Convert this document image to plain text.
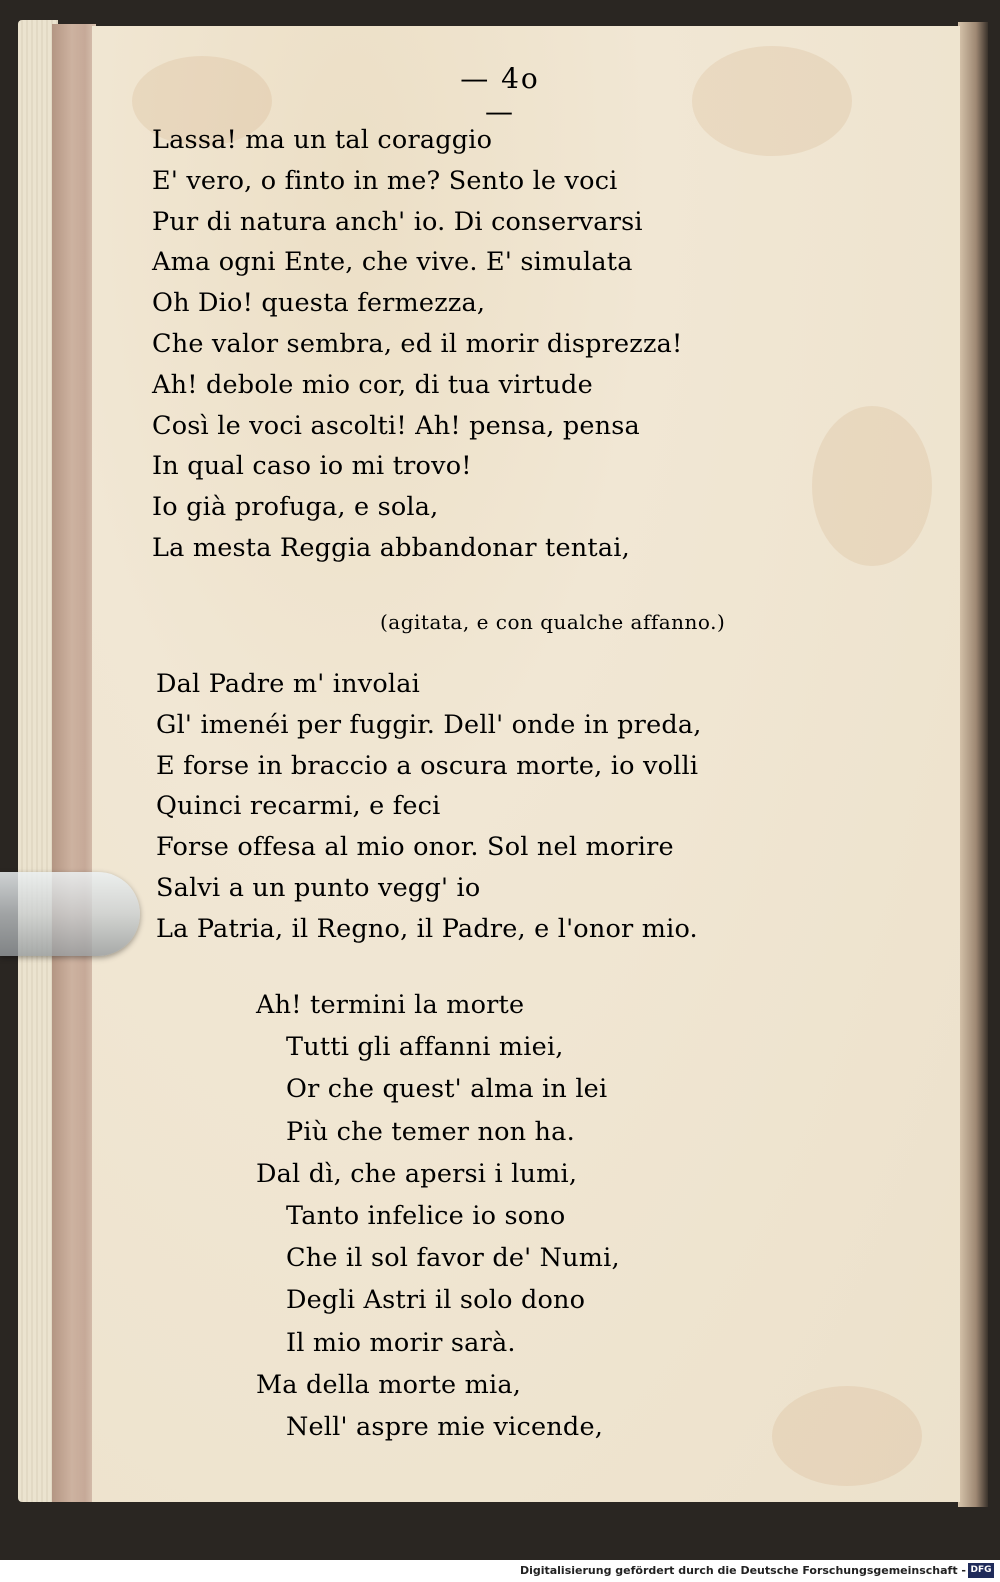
— 4o —
Lassa! ma un tal coraggio
E' vero, o finto in me? Sento le voci
Pur di natura anch' io. Di conservarsi
Ama ogni Ente, che vive. E' simulata
Oh Dio! questa fermezza,
Che valor sembra, ed il morir disprezza!
Ah! debole mio cor, di tua virtude
Così le voci ascolti! Ah! pensa, pensa
In qual caso io mi trovo!
Io già profuga, e sola,
La mesta Reggia abbandonar tentai,
(agitata, e con qualche affanno.)
Dal Padre m' involai
Gl' imenéi per fuggir. Dell' onde in preda,
E forse in braccio a oscura morte, io volli
Quinci recarmi, e feci
Forse offesa al mio onor. Sol nel morire
Salvi a un punto vegg' io
La Patria, il Regno, il Padre, e l'onor mio.
Ah! termini la morte
Tutti gli affanni miei,
Or che quest' alma in lei
Più che temer non ha.
Dal dì, che apersi i lumi,
Tanto infelice io sono
Che il sol favor de' Numi,
Degli Astri il solo dono
Il mio morir sarà.
Ma della morte mia,
Nell' aspre mie vicende,
Digitalisierung gefördert durch die Deutsche Forschungsgemeinschaft - DFG
